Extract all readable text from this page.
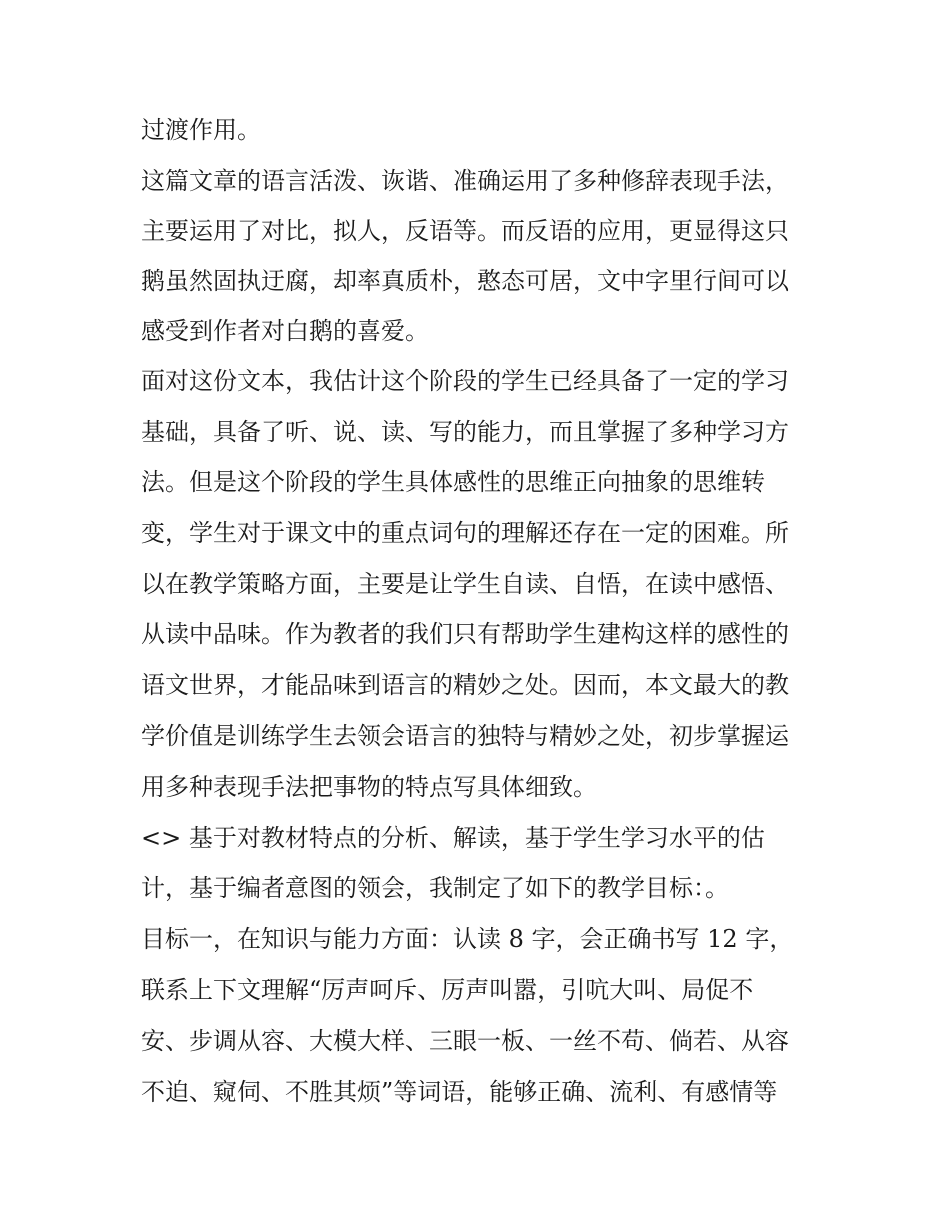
过渡作用。

这篇文章的语言活泼、诙谐、准确运用了多种修辞表现手法，

主要运用了对比，拟人，反语等。而反语的应用，更显得这只

鹅虽然固执迂腐，却率真质朴，憨态可居，文中字里行间可以

感受到作者对白鹅的喜爱。

面对这份文本，我估计这个阶段的学生已经具备了一定的学习

基础，具备了听、说、读、写的能力，而且掌握了多种学习方

法。但是这个阶段的学生具体感性的思维正向抽象的思维转

变，学生对于课文中的重点词句的理解还存在一定的困难。所

以在教学策略方面，主要是让学生自读、自悟，在读中感悟、

从读中品味。作为教者的我们只有帮助学生建构这样的感性的

语文世界，才能品味到语言的精妙之处。因而，本文最大的教

学价值是训练学生去领会语言的独特与精妙之处，初步掌握运

用多种表现手法把事物的特点写具体细致。

<> 基于对教材特点的分析、解读，基于学生学习水平的估

计，基于编者意图的领会，我制定了如下的教学目标：。

目标一，在知识与能力方面：认读 8 字，会正确书写 12 字，

联系上下文理解“厉声呵斥、厉声叫嚣，引吭大叫、局促不

安、步调从容、大模大样、三眼一板、一丝不苟、倘若、从容

不迫、窥伺、不胜其烦”等词语，能够正确、流利、有感情等
